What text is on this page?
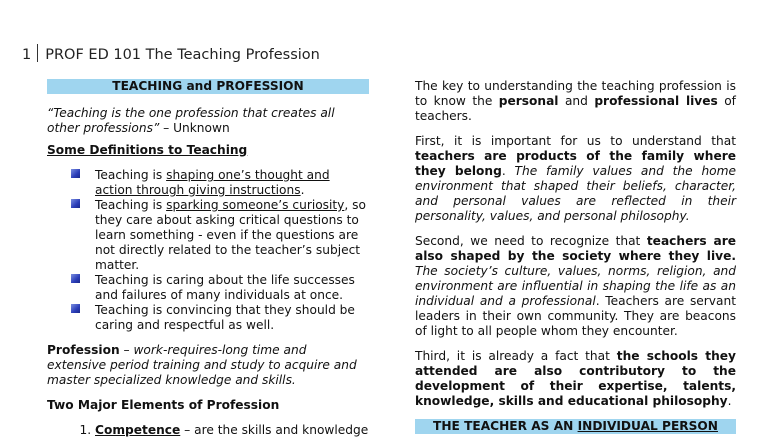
1 PROF ED 101 The Teaching Profession
TEACHING and PROFESSION
“Teaching is the one profession that creates all other professions” – Unknown
Some Definitions to Teaching
Teaching is shaping one’s thought and action through giving instructions.
Teaching is sparking someone’s curiosity, so they care about asking critical questions to learn something - even if the questions are not directly related to the teacher’s subject matter.
Teaching is caring about the life successes and failures of many individuals at once.
Teaching is convincing that they should be caring and respectful as well.
Profession – work-requires-long time and extensive period training and study to acquire and master specialized knowledge and skills.
Two Major Elements of Profession
1. Competence – are the skills and knowledge
The key to understanding the teaching profession is to know the personal and professional lives of teachers.
First, it is important for us to understand that teachers are products of the family where they belong. The family values and the home environment that shaped their beliefs, character, and personal values are reflected in their personality, values, and personal philosophy.
Second, we need to recognize that teachers are also shaped by the society where they live. The society’s culture, values, norms, religion, and environment are influential in shaping the life as an individual and a professional. Teachers are servant leaders in their own community. They are beacons of light to all people whom they encounter.
Third, it is already a fact that the schools they attended are also contributory to the development of their expertise, talents, knowledge, skills and educational philosophy.
THE TEACHER AS AN INDIVIDUAL PERSON
